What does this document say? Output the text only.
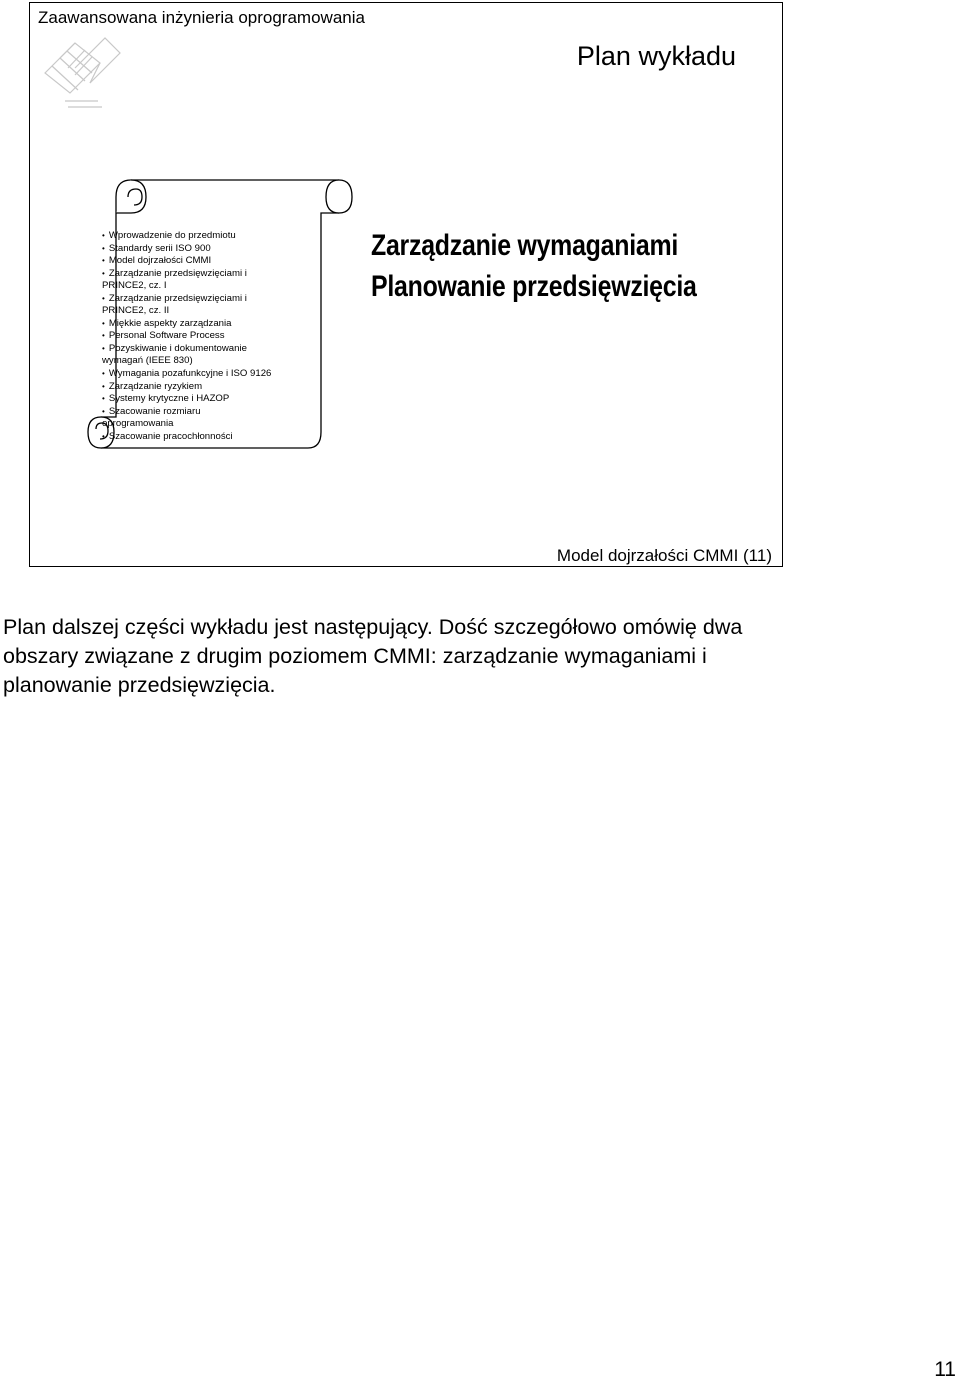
Zaawansowana inżynieria oprogramowania
Plan wykładu
• Wprowadzenie do przedmiotu
• Standardy serii ISO 900
• Model dojrzałości CMMI
• Zarządzanie przedsięwzięciami i
PRINCE2, cz. I
• Zarządzanie przedsięwzięciami i
PRINCE2, cz. II
• Miękkie aspekty zarządzania
• Personal Software Process
• Pozyskiwanie i dokumentowanie
wymagań (IEEE 830)
• Wymagania pozafunkcyjne i ISO 9126
• Zarządzanie ryzykiem
• Systemy krytyczne i HAZOP
• Szacowanie rozmiaru
oprogramowania
• Szacowanie pracochłonności
Zarządzanie wymaganiami
Planowanie przedsięwzięcia
Model dojrzałości CMMI (11)
Plan dalszej części wykładu jest następujący. Dość szczegółowo omówię dwa obszary związane z drugim poziomem CMMI: zarządzanie wymaganiami i planowanie przedsięwzięcia.
11
